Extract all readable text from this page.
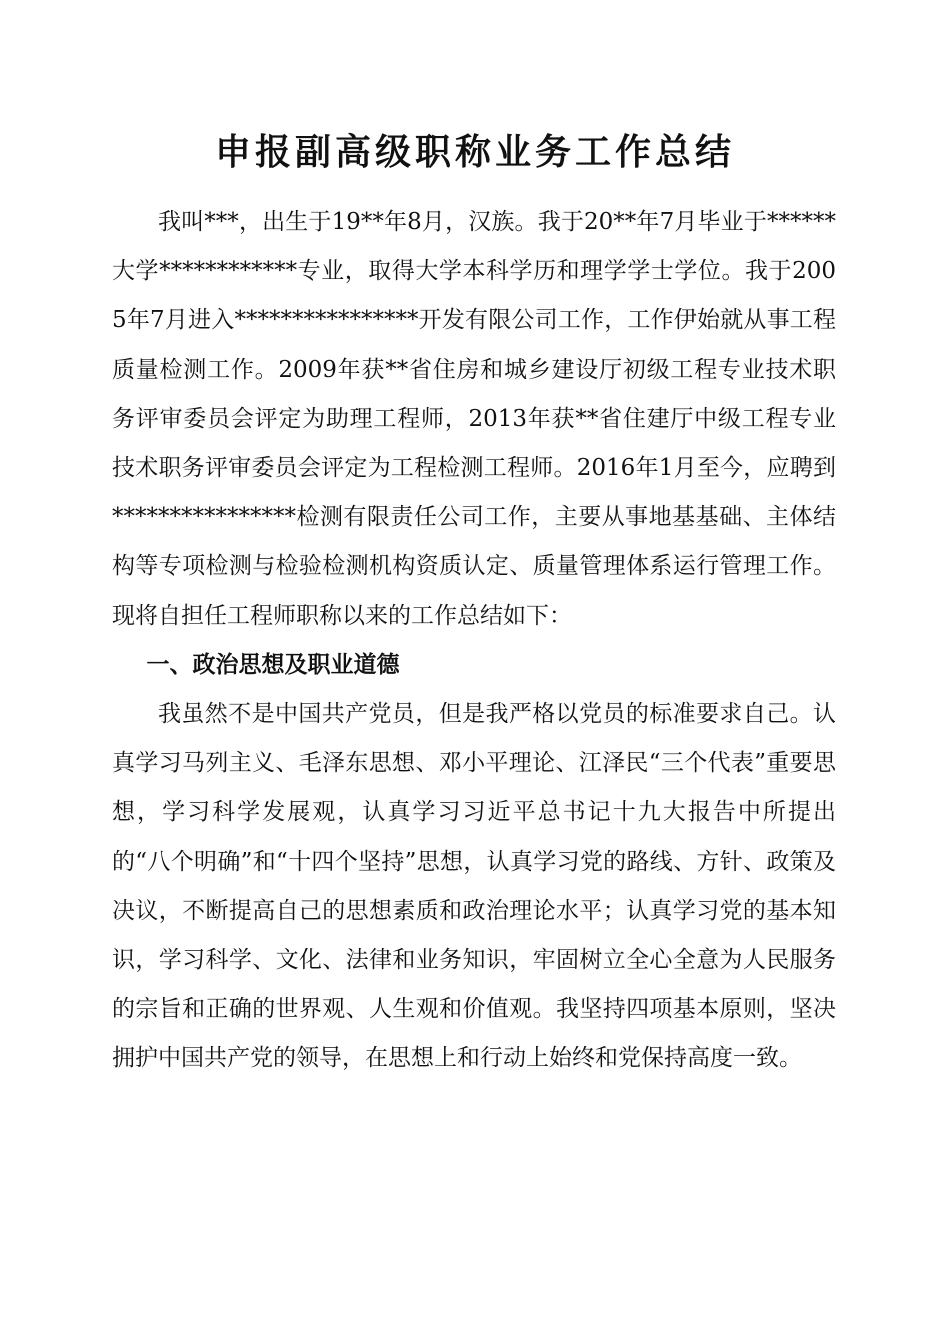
申报副高级职称业务工作总结

我叫***，出生于19**年8月，汉族。我于20**年7月毕业于******大学************专业，取得大学本科学历和理学学士学位。我于2005年7月进入****************开发有限公司工作，工作伊始就从事工程质量检测工作。2009年获**省住房和城乡建设厅初级工程专业技术职务评审委员会评定为助理工程师，2013年获**省住建厅中级工程专业技术职务评审委员会评定为工程检测工程师。2016年1月至今，应聘到****************检测有限责任公司工作，主要从事地基基础、主体结构等专项检测与检验检测机构资质认定、质量管理体系运行管理工作。现将自担任工程师职称以来的工作总结如下：

一、政治思想及职业道德

我虽然不是中国共产党员，但是我严格以党员的标准要求自己。认真学习马列主义、毛泽东思想、邓小平理论、江泽民“三个代表”重要思想，学习科学发展观，认真学习习近平总书记十九大报告中所提出的“八个明确”和“十四个坚持”思想，认真学习党的路线、方针、政策及决议，不断提高自己的思想素质和政治理论水平；认真学习党的基本知识，学习科学、文化、法律和业务知识，牢固树立全心全意为人民服务的宗旨和正确的世界观、人生观和价值观。我坚持四项基本原则，坚决拥护中国共产党的领导，在思想上和行动上始终和党保持高度一致。
